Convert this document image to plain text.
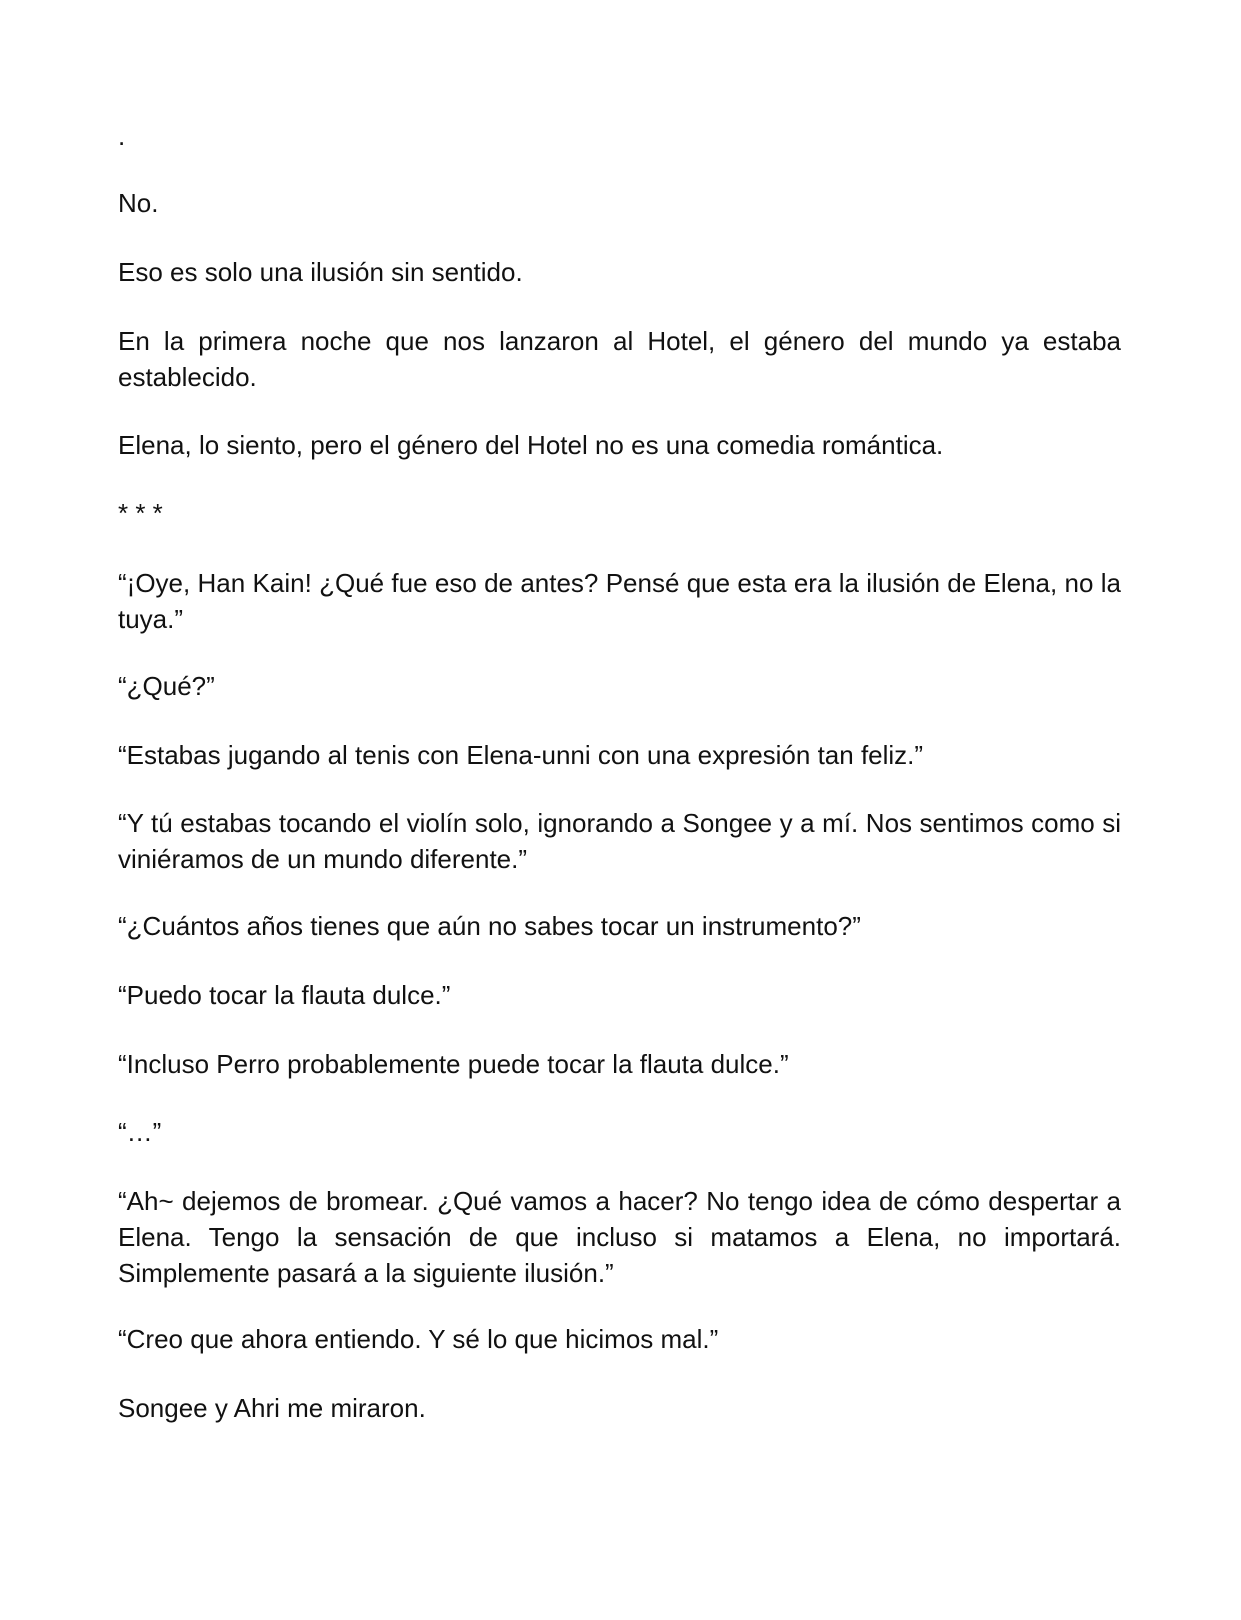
.

No.

Eso es solo una ilusión sin sentido.

En la primera noche que nos lanzaron al Hotel, el género del mundo ya estaba establecido.

Elena, lo siento, pero el género del Hotel no es una comedia romántica.

* * *

“¡Oye, Han Kain! ¿Qué fue eso de antes? Pensé que esta era la ilusión de Elena, no la tuya.”

“¿Qué?”

“Estabas jugando al tenis con Elena-unni con una expresión tan feliz.”

“Y tú estabas tocando el violín solo, ignorando a Songee y a mí. Nos sentimos como si viniéramos de un mundo diferente.”

“¿Cuántos años tienes que aún no sabes tocar un instrumento?”

“Puedo tocar la flauta dulce.”

“Incluso Perro probablemente puede tocar la flauta dulce.”

“…”

“Ah~ dejemos de bromear. ¿Qué vamos a hacer? No tengo idea de cómo despertar a Elena. Tengo la sensación de que incluso si matamos a Elena, no importará. Simplemente pasará a la siguiente ilusión.”

“Creo que ahora entiendo. Y sé lo que hicimos mal.”

Songee y Ahri me miraron.
